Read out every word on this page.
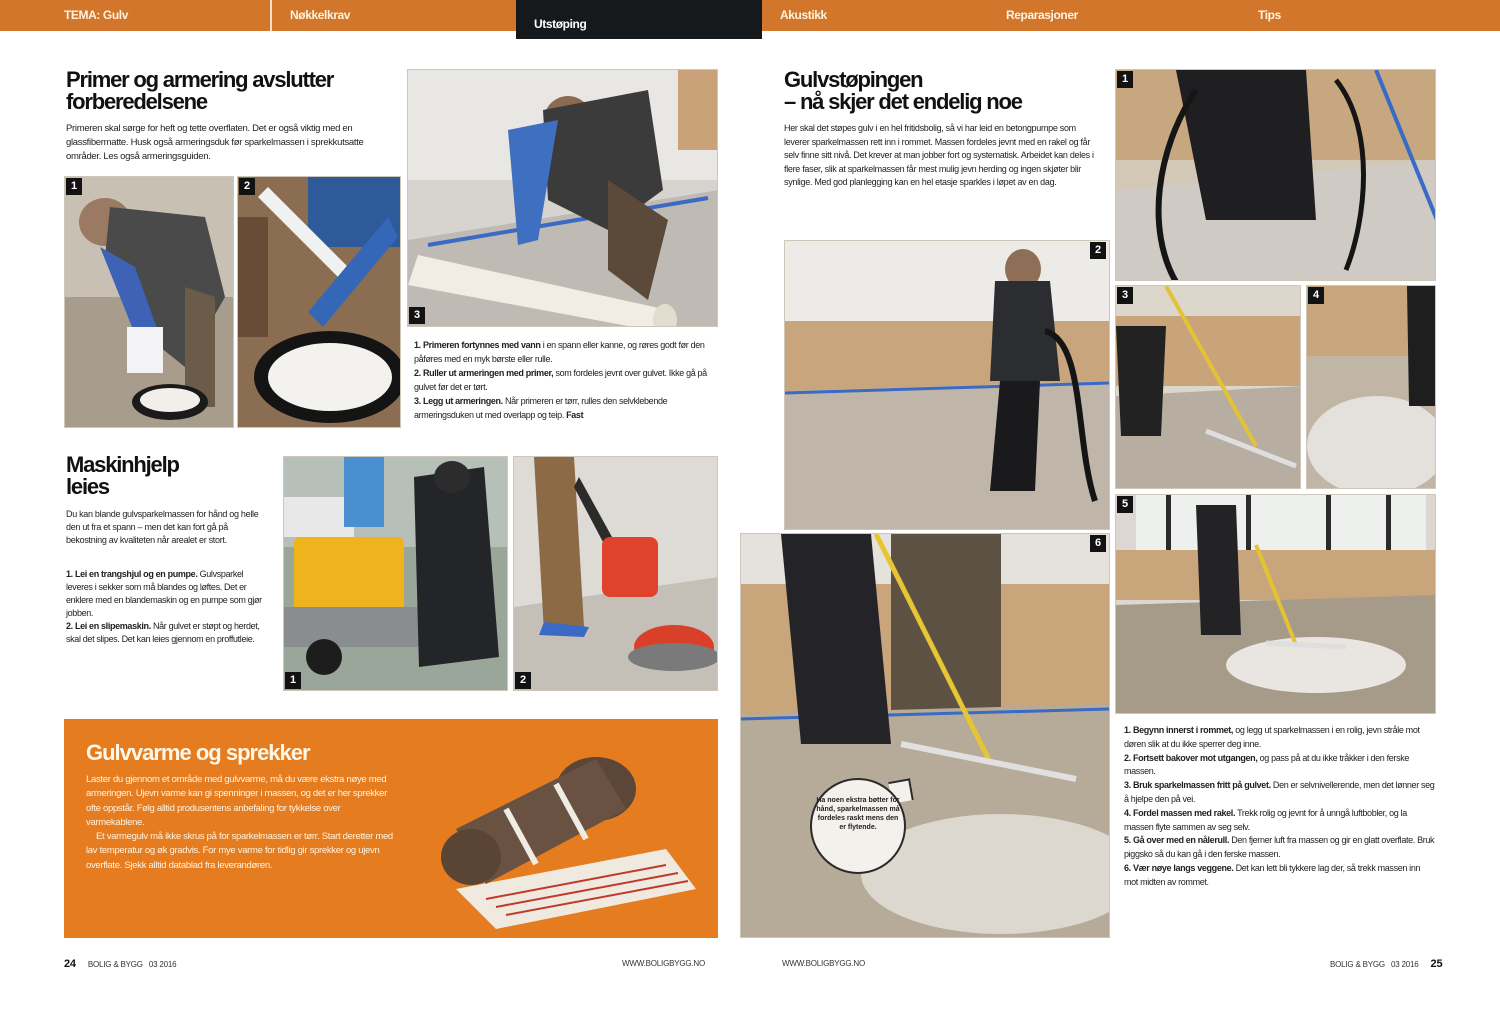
TEMA: Gulv	Nøkkelkrav
Utstøping
Akustikk	Reparasjoner	Tips
Primer og armering avslutter
forberedelsene

Primeren skal sørge for heft og tette overflaten. Det er også viktig med en glassfibermatte. Husk også armeringsduk før sparkelmassen i sprekkutsatte områder. Les også armeringsguiden.

1	2
3

1. Primeren fortynnes med vann i en spann eller kanne, og røres godt før den påføres med en myk børste eller rulle.
2. Ruller ut armeringen med primer, som fordeles jevnt over gulvet. Ikke gå på gulvet før det er tørt.
3. Legg ut armeringen. Når primeren er tørr, rulles den selvklebende armeringsduken ut med overlapp og teip. Fast

Maskinhjelp
leies

Du kan blande gulvsparkelmassen for hånd og helle den ut fra et spann – men det kan fort gå på bekostning av kvaliteten når arealet er stort.

1. Lei en trangshjul og en pumpe. Gulvsparkel leveres i sekker som må blandes og løftes. Det er enklere med en blandemaskin og en pumpe som gjør jobben.
2. Lei en slipemaskin. Når gulvet er støpt og herdet, skal det slipes. Det kan leies gjennom en proffutleie.

1	2
Gulvvarme og sprekker
Laster du gjennom et område med gulvvarme, må du være ekstra nøye med armeringen. Ujevn varme kan gi spenninger i massen, og det er her sprekker ofte oppstår. Følg alltid produsentens anbefaling for tykkelse over varmekablene.
Et varmegulv må ikke skrus på for sparkelmassen er tørr. Start deretter med lav temperatur og øk gradvis. For mye varme for tidlig gir sprekker og ujevn overflate. Sjekk alltid datablad fra leverandøren.
24 BOLIG & BYGG 03 2016	WWW.BOLIGBYGG.NO
Gulvstøpingen
– nå skjer det endelig noe

Her skal det støpes gulv i en hel fritidsbolig, så vi har leid en betongpumpe som leverer sparkelmassen rett inn i rommet. Massen fordeles jevnt med en rakel og får selv finne sitt nivå. Det krever at man jobber fort og systematisk. Arbeidet kan deles i flere faser, slik at sparkelmassen får mest mulig jevn herding og ingen skjøter blir synlige. Med god planlegging kan en hel etasje sparkles i løpet av en dag.

1
2
3	4
5
6
Ha noen ekstra bøtter for hånd, sparkelmassen må fordeles raskt mens den er flytende.

1. Begynn innerst i rommet, og legg ut sparkelmassen i en rolig, jevn stråle mot døren slik at du ikke sperrer deg inne.
2. Fortsett bakover mot utgangen, og pass på at du ikke tråkker i den ferske massen.
3. Bruk sparkelmassen fritt på gulvet. Den er selvnivellerende, men det lønner seg å hjelpe den på vei.
4. Fordel massen med rakel. Trekk rolig og jevnt for å unngå luftbobler, og la massen flyte sammen av seg selv.
5. Gå over med en nålerull. Den fjerner luft fra massen og gir en glatt overflate. Bruk piggsko så du kan gå i den ferske massen.
6. Vær nøye langs veggene. Det kan lett bli tykkere lag der, så trekk massen inn mot midten av rommet.

WWW.BOLIGBYGG.NO	BOLIG & BYGG 03 2016 25
